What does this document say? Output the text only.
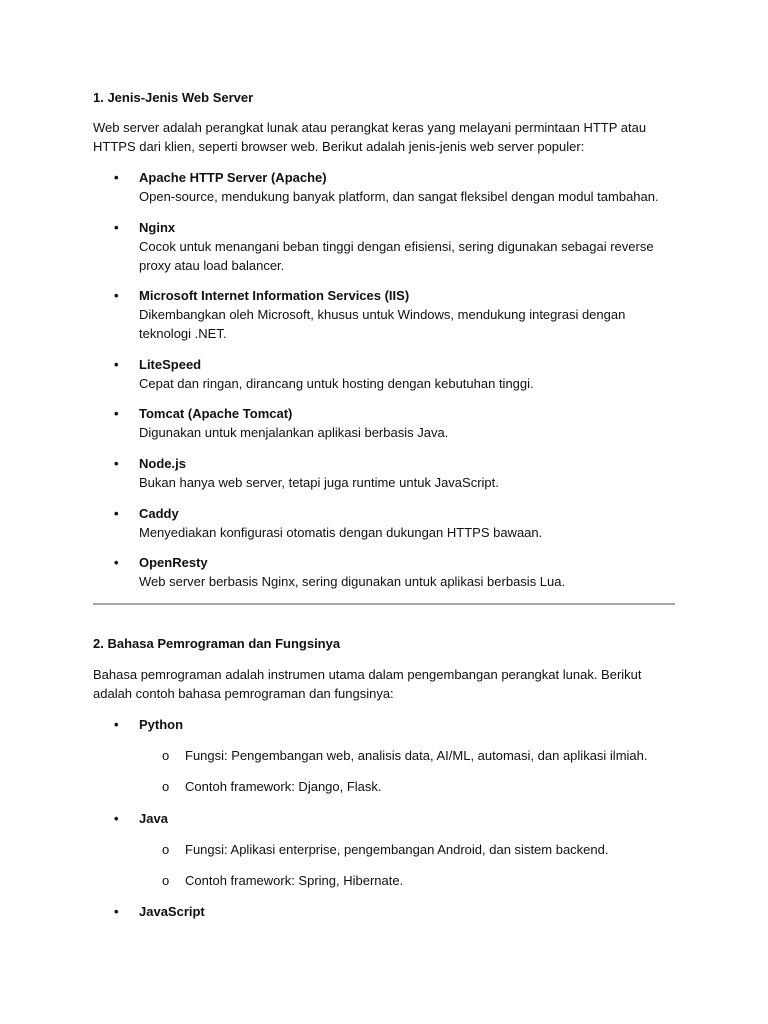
1. Jenis-Jenis Web Server

Web server adalah perangkat lunak atau perangkat keras yang melayani permintaan HTTP atau
HTTPS dari klien, seperti browser web. Berikut adalah jenis-jenis web server populer:
• Apache HTTP Server (Apache)
Open-source, mendukung banyak platform, dan sangat fleksibel dengan modul tambahan.
• Nginx
Cocok untuk menangani beban tinggi dengan efisiensi, sering digunakan sebagai reverse
proxy atau load balancer.
• Microsoft Internet Information Services (IIS)
Dikembangkan oleh Microsoft, khusus untuk Windows, mendukung integrasi dengan
teknologi .NET.
• LiteSpeed
Cepat dan ringan, dirancang untuk hosting dengan kebutuhan tinggi.
• Tomcat (Apache Tomcat)
Digunakan untuk menjalankan aplikasi berbasis Java.
• Node.js
Bukan hanya web server, tetapi juga runtime untuk JavaScript.
• Caddy
Menyediakan konfigurasi otomatis dengan dukungan HTTPS bawaan.
• OpenResty
Web server berbasis Nginx, sering digunakan untuk aplikasi berbasis Lua.

2. Bahasa Pemrograman dan Fungsinya

Bahasa pemrograman adalah instrumen utama dalam pengembangan perangkat lunak. Berikut
adalah contoh bahasa pemrograman dan fungsinya:
• Python
o Fungsi: Pengembangan web, analisis data, AI/ML, automasi, dan aplikasi ilmiah.
o Contoh framework: Django, Flask.
• Java
o Fungsi: Aplikasi enterprise, pengembangan Android, dan sistem backend.
o Contoh framework: Spring, Hibernate.
• JavaScript
